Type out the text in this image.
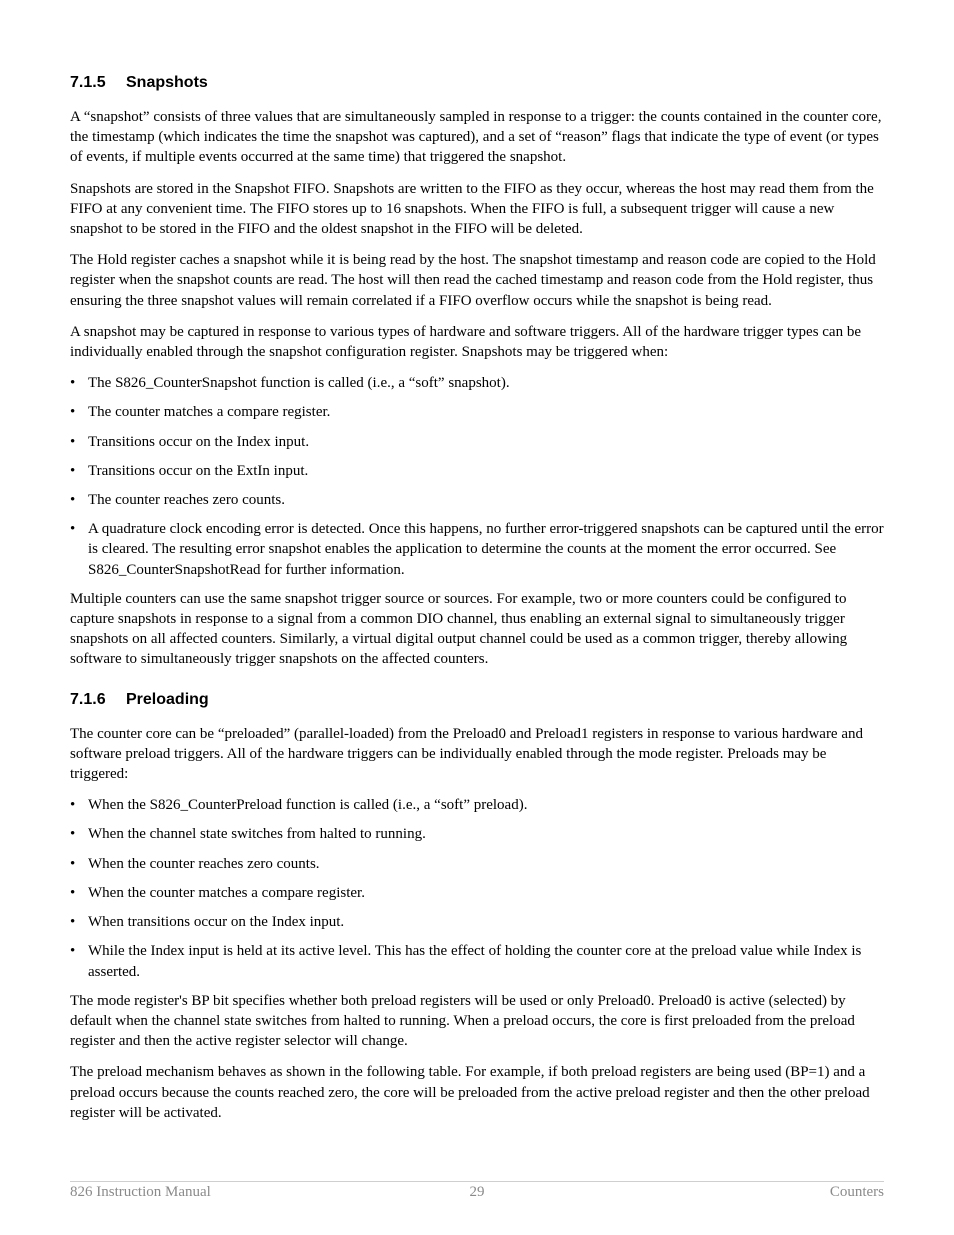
7.1.5	Snapshots

A “snapshot” consists of three values that are simultaneously sampled in response to a trigger: the counts contained in the counter core, the timestamp (which indicates the time the snapshot was captured), and a set of “reason” flags that indicate the type of event (or types of events, if multiple events occurred at the same time) that triggered the snapshot.

Snapshots are stored in the Snapshot FIFO. Snapshots are written to the FIFO as they occur, whereas the host may read them from the FIFO at any convenient time. The FIFO stores up to 16 snapshots. When the FIFO is full, a subsequent trigger will cause a new snapshot to be stored in the FIFO and the oldest snapshot in the FIFO will be deleted.

The Hold register caches a snapshot while it is being read by the host. The snapshot timestamp and reason code are copied to the Hold register when the snapshot counts are read. The host will then read the cached timestamp and reason code from the Hold register, thus ensuring the three snapshot values will remain correlated if a FIFO overflow occurs while the snapshot is being read.

A snapshot may be captured in response to various types of hardware and software triggers. All of the hardware trigger types can be individually enabled through the snapshot configuration register. Snapshots may be triggered when:

• The S826_CounterSnapshot function is called (i.e., a “soft” snapshot).
• The counter matches a compare register.
• Transitions occur on the Index input.
• Transitions occur on the ExtIn input.
• The counter reaches zero counts.
• A quadrature clock encoding error is detected. Once this happens, no further error-triggered snapshots can be captured until the error is cleared. The resulting error snapshot enables the application to determine the counts at the moment the error occurred. See S826_CounterSnapshotRead for further information.

Multiple counters can use the same snapshot trigger source or sources. For example, two or more counters could be configured to capture snapshots in response to a signal from a common DIO channel, thus enabling an external signal to simultaneously trigger snapshots on all affected counters. Similarly, a virtual digital output channel could be used as a common trigger, thereby allowing software to simultaneously trigger snapshots on the affected counters.

7.1.6	Preloading

The counter core can be “preloaded” (parallel-loaded) from the Preload0 and Preload1 registers in response to various hardware and software preload triggers. All of the hardware triggers can be individually enabled through the mode register. Preloads may be triggered:

• When the S826_CounterPreload function is called (i.e., a “soft” preload).
• When the channel state switches from halted to running.
• When the counter reaches zero counts.
• When the counter matches a compare register.
• When transitions occur on the Index input.
• While the Index input is held at its active level. This has the effect of holding the counter core at the preload value while Index is asserted.

The mode register's BP bit specifies whether both preload registers will be used or only Preload0. Preload0 is active (selected) by default when the channel state switches from halted to running. When a preload occurs, the core is first preloaded from the preload register and then the active register selector will change.

The preload mechanism behaves as shown in the following table. For example, if both preload registers are being used (BP=1) and a preload occurs because the counts reached zero, the core will be preloaded from the active preload register and then the other preload register will be activated.

826 Instruction Manual	29	Counters
